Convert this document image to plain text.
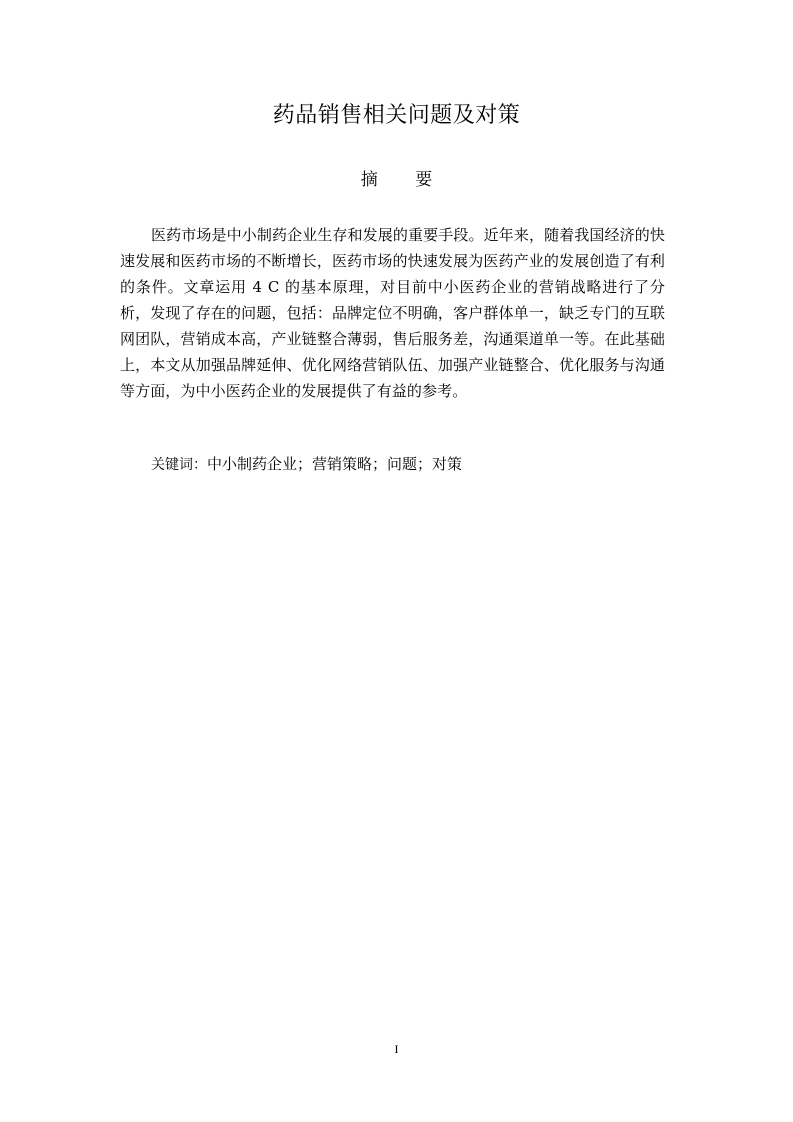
药品销售相关问题及对策
摘 要

医药市场是中小制药企业生存和发展的重要手段。近年来，随着我国经济的快速发展和医药市场的不断增长，医药市场的快速发展为医药产业的发展创造了有利的条件。文章运用 4 C 的基本原理，对目前中小医药企业的营销战略进行了分析，发现了存在的问题，包括：品牌定位不明确，客户群体单一，缺乏专门的互联网团队，营销成本高，产业链整合薄弱，售后服务差，沟通渠道单一等。在此基础上，本文从加强品牌延伸、优化网络营销队伍、加强产业链整合、优化服务与沟通等方面，为中小医药企业的发展提供了有益的参考。

关键词：中小制药企业；营销策略；问题；对策
I
